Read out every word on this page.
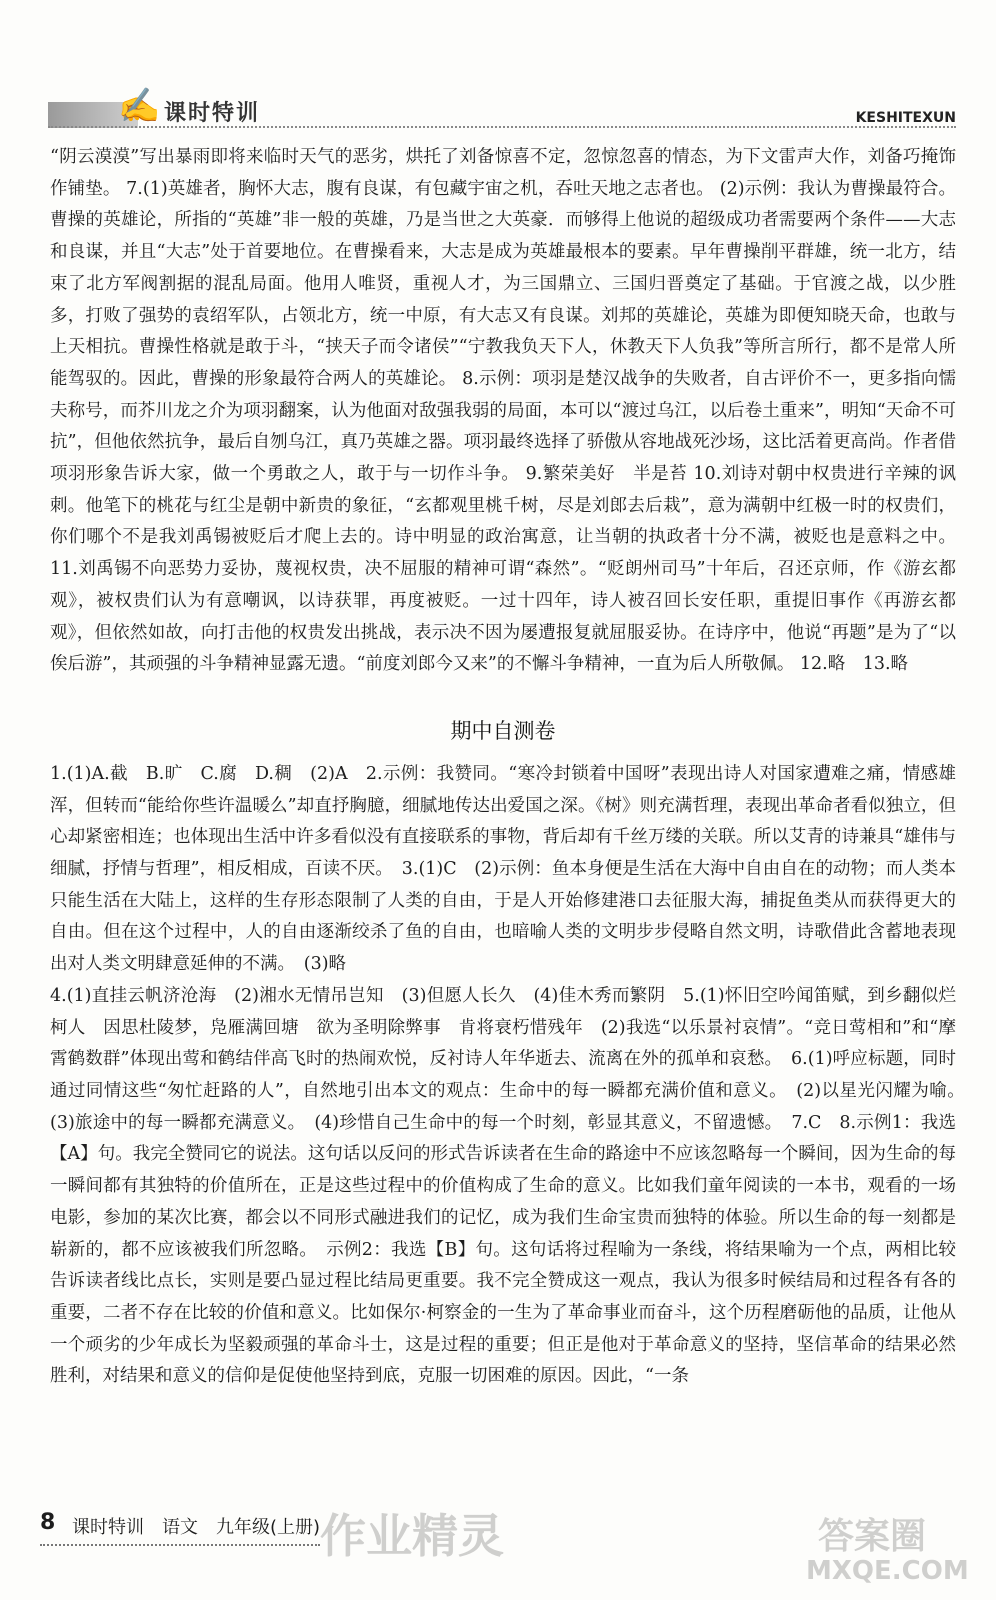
✍ 课时特训	KESHITEXUN

“阴云漠漠”写出暴雨即将来临时天气的恶劣，烘托了刘备惊喜不定，忽惊忽喜的情态，为下文雷声大作，刘备巧掩饰作铺垫。 7.(1)英雄者，胸怀大志，腹有良谋，有包藏宇宙之机，吞吐天地之志者也。 (2)示例：我认为曹操最符合。曹操的英雄论，所指的“英雄”非一般的英雄，乃是当世之大英豪．而够得上他说的超级成功者需要两个条件——大志和良谋，并且“大志”处于首要地位。在曹操看来，大志是成为英雄最根本的要素。早年曹操削平群雄，统一北方，结束了北方军阀割据的混乱局面。他用人唯贤，重视人才，为三国鼎立、三国归晋奠定了基础。于官渡之战，以少胜多，打败了强势的袁绍军队，占领北方，统一中原，有大志又有良谋。刘邦的英雄论，英雄为即便知晓天命，也敢与上天相抗。曹操性格就是敢于斗，“挟天子而令诸侯”“宁教我负天下人，休教天下人负我”等所言所行，都不是常人所能驾驭的。因此，曹操的形象最符合两人的英雄论。 8.示例：项羽是楚汉战争的失败者，自古评价不一，更多指向懦夫称号，而芥川龙之介为项羽翻案，认为他面对敌强我弱的局面，本可以“渡过乌江，以后卷土重来”，明知“天命不可抗”，但他依然抗争，最后自刎乌江，真乃英雄之器。项羽最终选择了骄傲从容地战死沙场，这比活着更高尚。作者借项羽形象告诉大家，做一个勇敢之人，敢于与一切作斗争。 9.繁荣美好　半是苔 10.刘诗对朝中权贵进行辛辣的讽刺。他笔下的桃花与红尘是朝中新贵的象征，“玄都观里桃千树，尽是刘郎去后栽”，意为满朝中红极一时的权贵们，你们哪个不是我刘禹锡被贬后才爬上去的。诗中明显的政治寓意，让当朝的执政者十分不满，被贬也是意料之中。 11.刘禹锡不向恶势力妥协，蔑视权贵，决不屈服的精神可谓“森然”。“贬朗州司马”十年后，召还京师，作《游玄都观》，被权贵们认为有意嘲讽，以诗获罪，再度被贬。一过十四年，诗人被召回长安任职，重提旧事作《再游玄都观》，但依然如故，向打击他的权贵发出挑战，表示决不因为屡遭报复就屈服妥协。在诗序中，他说“再题”是为了“以俟后游”，其顽强的斗争精神显露无遗。“前度刘郎今又来”的不懈斗争精神，一直为后人所敬佩。 12.略　13.略

期中自测卷

1.(1)A.截　B.旷　C.腐　D.稠　(2)A　2.示例：我赞同。“寒冷封锁着中国呀”表现出诗人对国家遭难之痛，情感雄浑，但转而“能给你些许温暖么”却直抒胸臆，细腻地传达出爱国之深。《树》则充满哲理，表现出革命者看似独立，但心却紧密相连；也体现出生活中许多看似没有直接联系的事物，背后却有千丝万缕的关联。所以艾青的诗兼具“雄伟与细腻，抒情与哲理”，相反相成，百读不厌。　3.(1)C　(2)示例：鱼本身便是生活在大海中自由自在的动物；而人类本只能生活在大陆上，这样的生存形态限制了人类的自由，于是人开始修建港口去征服大海，捕捉鱼类从而获得更大的自由。但在这个过程中，人的自由逐渐绞杀了鱼的自由，也暗喻人类的文明步步侵略自然文明，诗歌借此含蓄地表现出对人类文明肆意延伸的不满。　(3)略

4.(1)直挂云帆济沧海　(2)湘水无情吊岂知　(3)但愿人长久　(4)佳木秀而繁阴　5.(1)怀旧空吟闻笛赋，到乡翻似烂柯人　因思杜陵梦，凫雁满回塘　欲为圣明除弊事　肯将衰朽惜残年　(2)我选“以乐景衬哀情”。“竞日莺相和”和“摩霄鹤数群”体现出莺和鹤结伴高飞时的热闹欢悦，反衬诗人年华逝去、流离在外的孤单和哀愁。　6.(1)呼应标题，同时通过同情这些“匆忙赶路的人”，自然地引出本文的观点：生命中的每一瞬都充满价值和意义。　(2)以星光闪耀为喻。　(3)旅途中的每一瞬都充满意义。　(4)珍惜自己生命中的每一个时刻，彰显其意义，不留遗憾。　7.C　8.示例1：我选【A】句。我完全赞同它的说法。这句话以反问的形式告诉读者在生命的路途中不应该忽略每一个瞬间，因为生命的每一瞬间都有其独特的价值所在，正是这些过程中的价值构成了生命的意义。比如我们童年阅读的一本书，观看的一场电影，参加的某次比赛，都会以不同形式融进我们的记忆，成为我们生命宝贵而独特的体验。所以生命的每一刻都是崭新的，都不应该被我们所忽略。　示例2：我选【B】句。这句话将过程喻为一条线，将结果喻为一个点，两相比较告诉读者线比点长，实则是要凸显过程比结局更重要。我不完全赞成这一观点，我认为很多时候结局和过程各有各的重要，二者不存在比较的价值和意义。比如保尔·柯察金的一生为了革命事业而奋斗，这个历程磨砺他的品质，让他从一个顽劣的少年成长为坚毅顽强的革命斗士，这是过程的重要；但正是他对于革命意义的坚持，坚信革命的结果必然胜利，对结果和意义的信仰是促使他坚持到底，克服一切困难的原因。因此，“一条

8 课时特训　语文　九年级(上册) 作业精灵	答案圈
MXQE.COM
